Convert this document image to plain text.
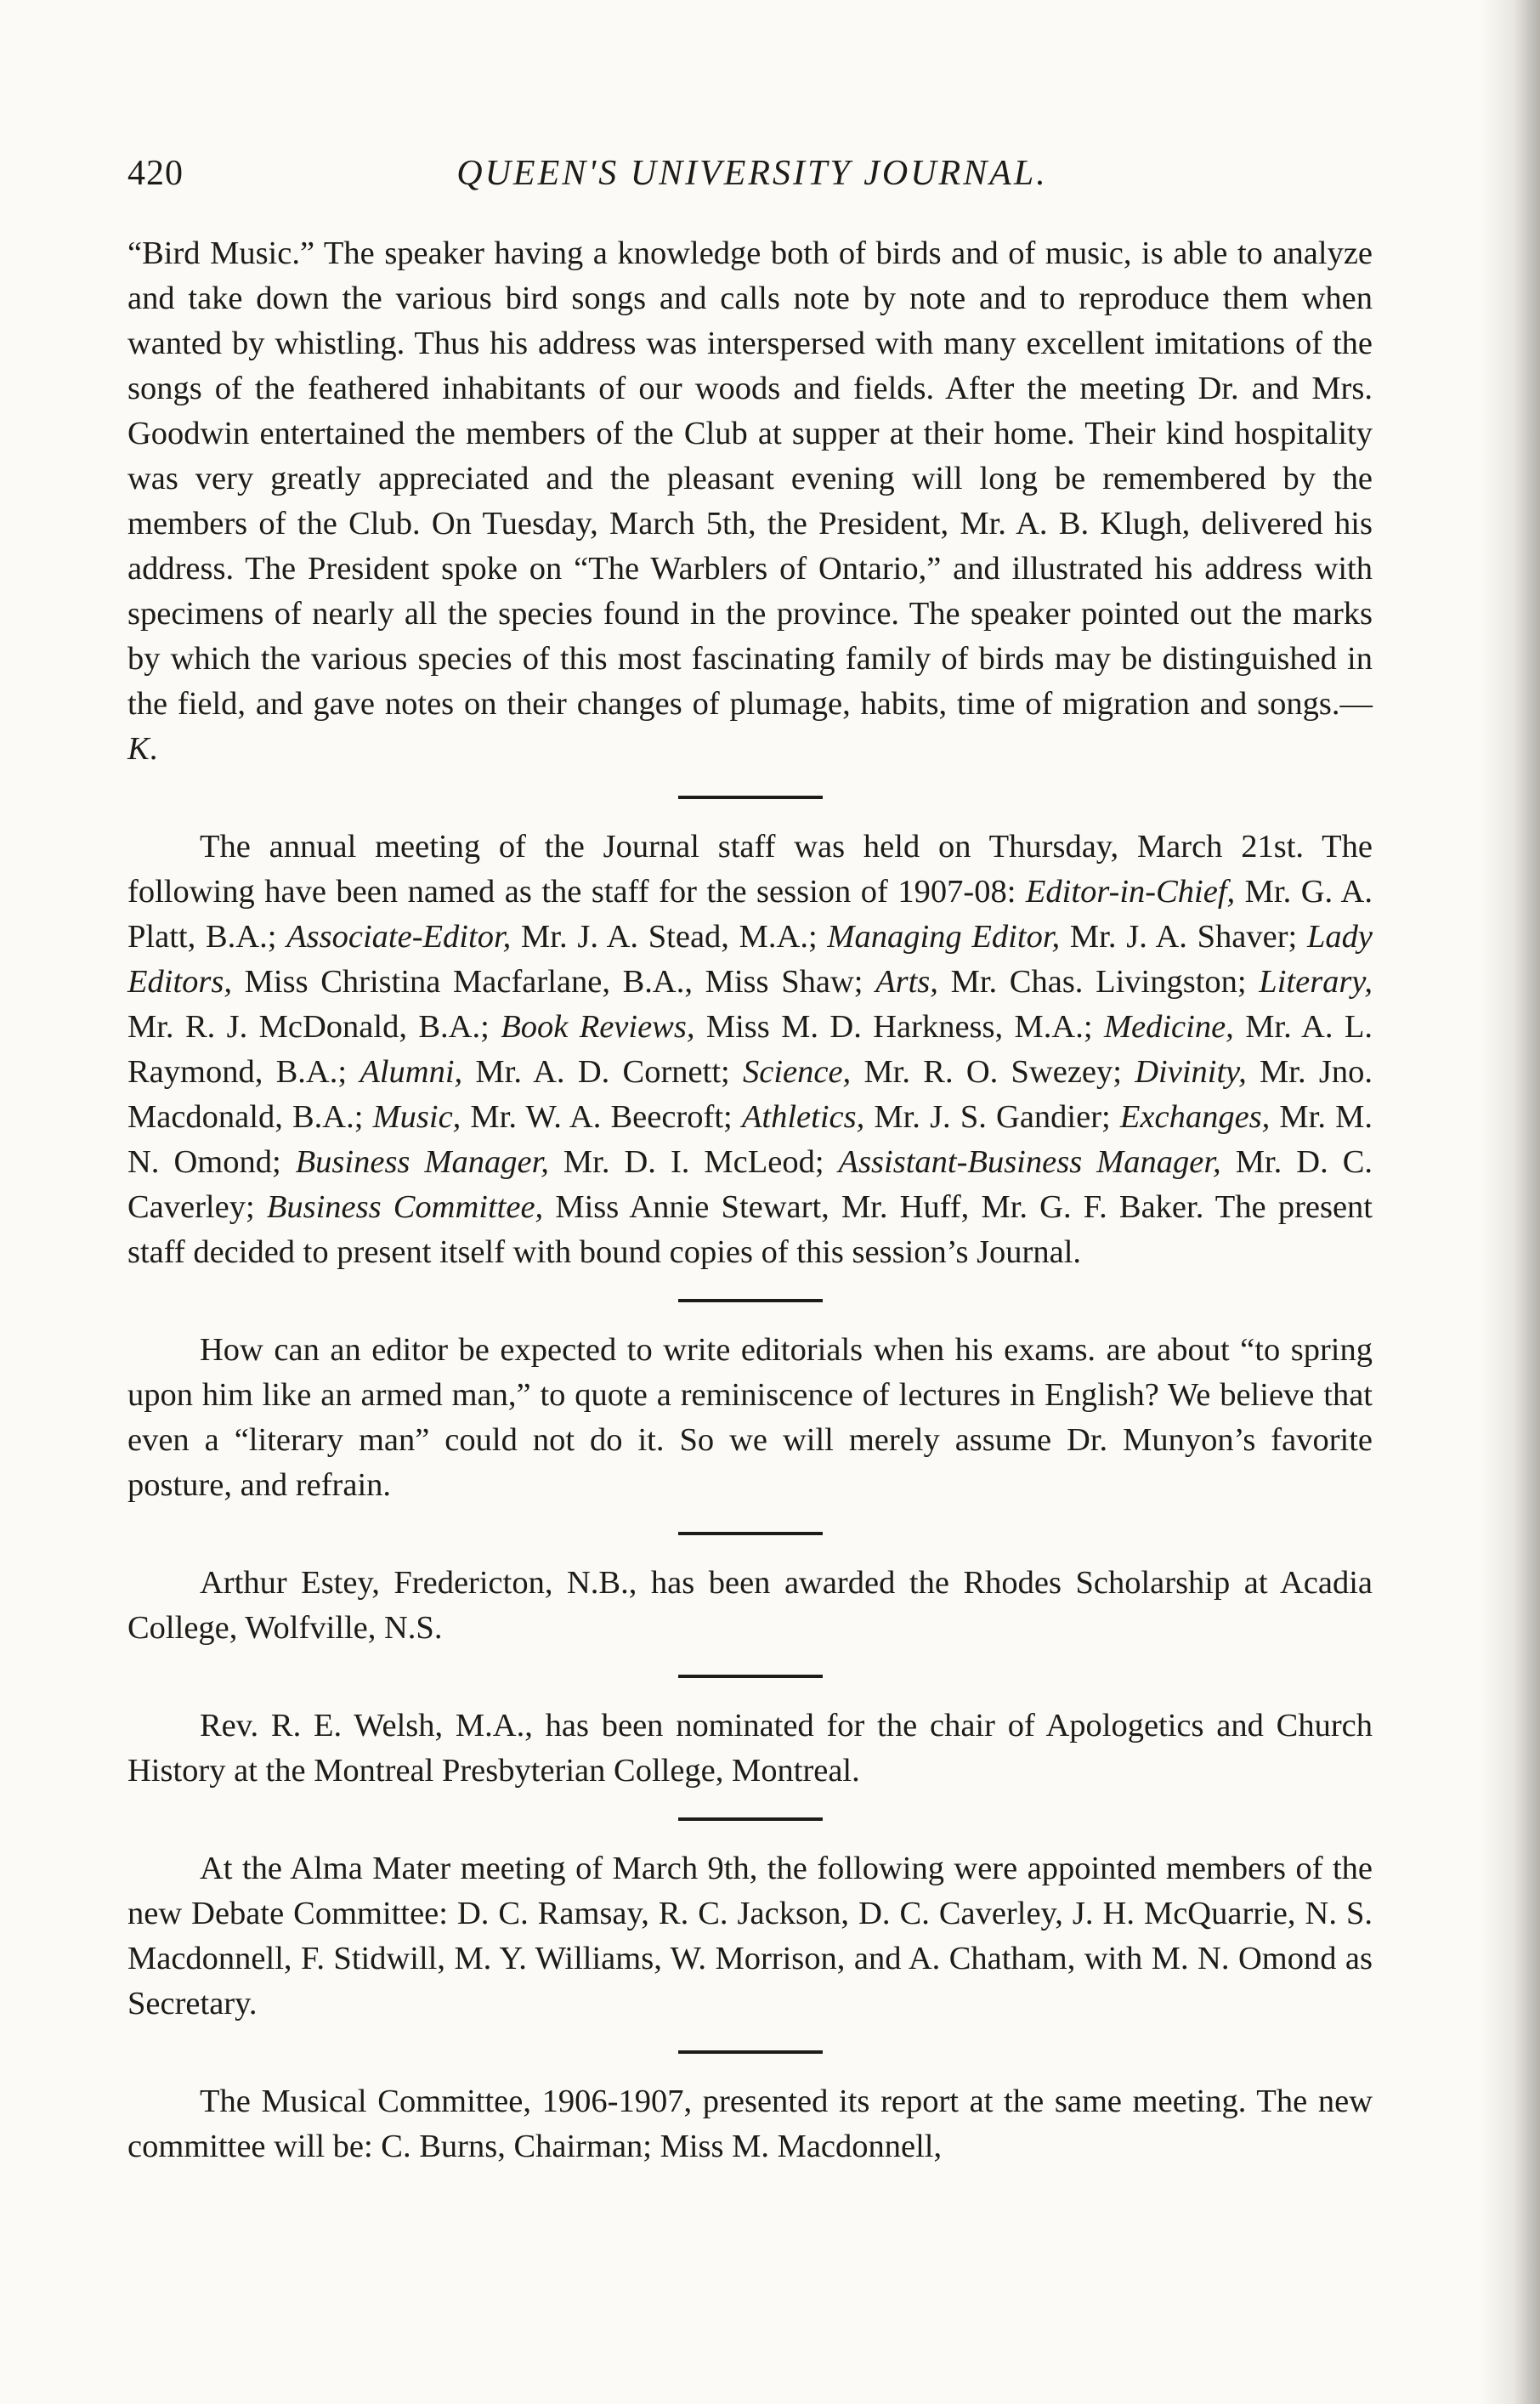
420	QUEEN'S UNIVERSITY JOURNAL.

“Bird Music.” The speaker having a knowledge both of birds and of music, is able to analyze and take down the various bird songs and calls note by note and to reproduce them when wanted by whistling. Thus his address was interspersed with many excellent imitations of the songs of the feathered inhabitants of our woods and fields. After the meeting Dr. and Mrs. Goodwin entertained the members of the Club at supper at their home. Their kind hospitality was very greatly appreciated and the pleasant evening will long be remembered by the members of the Club. On Tuesday, March 5th, the President, Mr. A. B. Klugh, delivered his address. The President spoke on “The Warblers of Ontario,” and illustrated his address with specimens of nearly all the species found in the province. The speaker pointed out the marks by which the various species of this most fascinating family of birds may be distinguished in the field, and gave notes on their changes of plumage, habits, time of migration and songs.—K.

The annual meeting of the Journal staff was held on Thursday, March 21st. The following have been named as the staff for the session of 1907-08: Editor-in-Chief, Mr. G. A. Platt, B.A.; Associate-Editor, Mr. J. A. Stead, M.A.; Managing Editor, Mr. J. A. Shaver; Lady Editors, Miss Christina Macfarlane, B.A., Miss Shaw; Arts, Mr. Chas. Livingston; Literary, Mr. R. J. McDonald, B.A.; Book Reviews, Miss M. D. Harkness, M.A.; Medicine, Mr. A. L. Raymond, B.A.; Alumni, Mr. A. D. Cornett; Science, Mr. R. O. Swezey; Divinity, Mr. Jno. Macdonald, B.A.; Music, Mr. W. A. Beecroft; Athletics, Mr. J. S. Gandier; Exchanges, Mr. M. N. Omond; Business Manager, Mr. D. I. McLeod; Assistant-Business Manager, Mr. D. C. Caverley; Business Committee, Miss Annie Stewart, Mr. Huff, Mr. G. F. Baker. The present staff decided to present itself with bound copies of this session’s Journal.

How can an editor be expected to write editorials when his exams. are about “to spring upon him like an armed man,” to quote a reminiscence of lectures in English? We believe that even a “literary man” could not do it. So we will merely assume Dr. Munyon’s favorite posture, and refrain.

Arthur Estey, Fredericton, N.B., has been awarded the Rhodes Scholarship at Acadia College, Wolfville, N.S.

Rev. R. E. Welsh, M.A., has been nominated for the chair of Apologetics and Church History at the Montreal Presbyterian College, Montreal.

At the Alma Mater meeting of March 9th, the following were appointed members of the new Debate Committee: D. C. Ramsay, R. C. Jackson, D. C. Caverley, J. H. McQuarrie, N. S. Macdonnell, F. Stidwill, M. Y. Williams, W. Morrison, and A. Chatham, with M. N. Omond as Secretary.

The Musical Committee, 1906-1907, presented its report at the same meeting. The new committee will be: C. Burns, Chairman; Miss M. Macdonnell,
